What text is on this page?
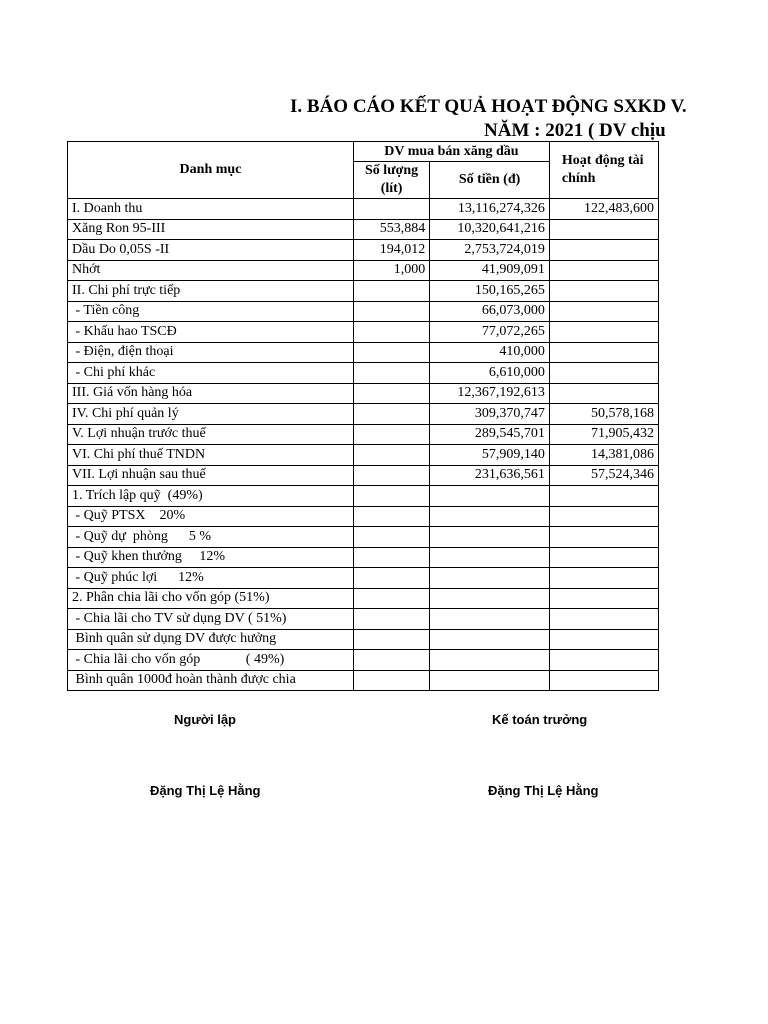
I. BÁO CÁO KẾT QUẢ HOẠT ĐỘNG SXKD V.
NĂM : 2021 ( DV chịu
Danh mục	DV mua bán xăng dầu		Hoạt động tài chính
	Số lượng (lít)	Số tiền (đ)	
I. Doanh thu		13,116,274,326	122,483,600
Xăng Ron 95-III	553,884	10,320,641,216	
Dầu Do 0,05S -II	194,012	2,753,724,019	
Nhớt	1,000	41,909,091	
II. Chi phí trực tiếp		150,165,265	
- Tiền công		66,073,000	
- Khấu hao TSCĐ		77,072,265	
- Điện, điện thoại		410,000	
- Chi phí khác		6,610,000	
III. Giá vốn hàng hóa		12,367,192,613	
IV. Chi phí quản lý		309,370,747	50,578,168
V. Lợi nhuận trước thuế		289,545,701	71,905,432
VI. Chi phí thuế TNDN		57,909,140	14,381,086
VII. Lợi nhuận sau thuế		231,636,561	57,524,346
1. Trích lập quỹ  (49%)			
- Quỹ PTSX    20%			
- Quỹ dự  phòng      5 %			
- Quỹ khen thưởng     12%			
- Quỹ phúc lợi      12%			
2. Phân chia lãi cho vốn góp (51%)			
- Chia lãi cho TV sử dụng DV ( 51%)			
Bình quân sử dụng DV được hưởng			
- Chia lãi cho vốn góp             ( 49%)			
Bình quân 1000đ hoàn thành được chia			
Người lập	Kế toán trưởng
Đặng Thị Lệ Hằng	Đặng Thị Lệ Hằng
